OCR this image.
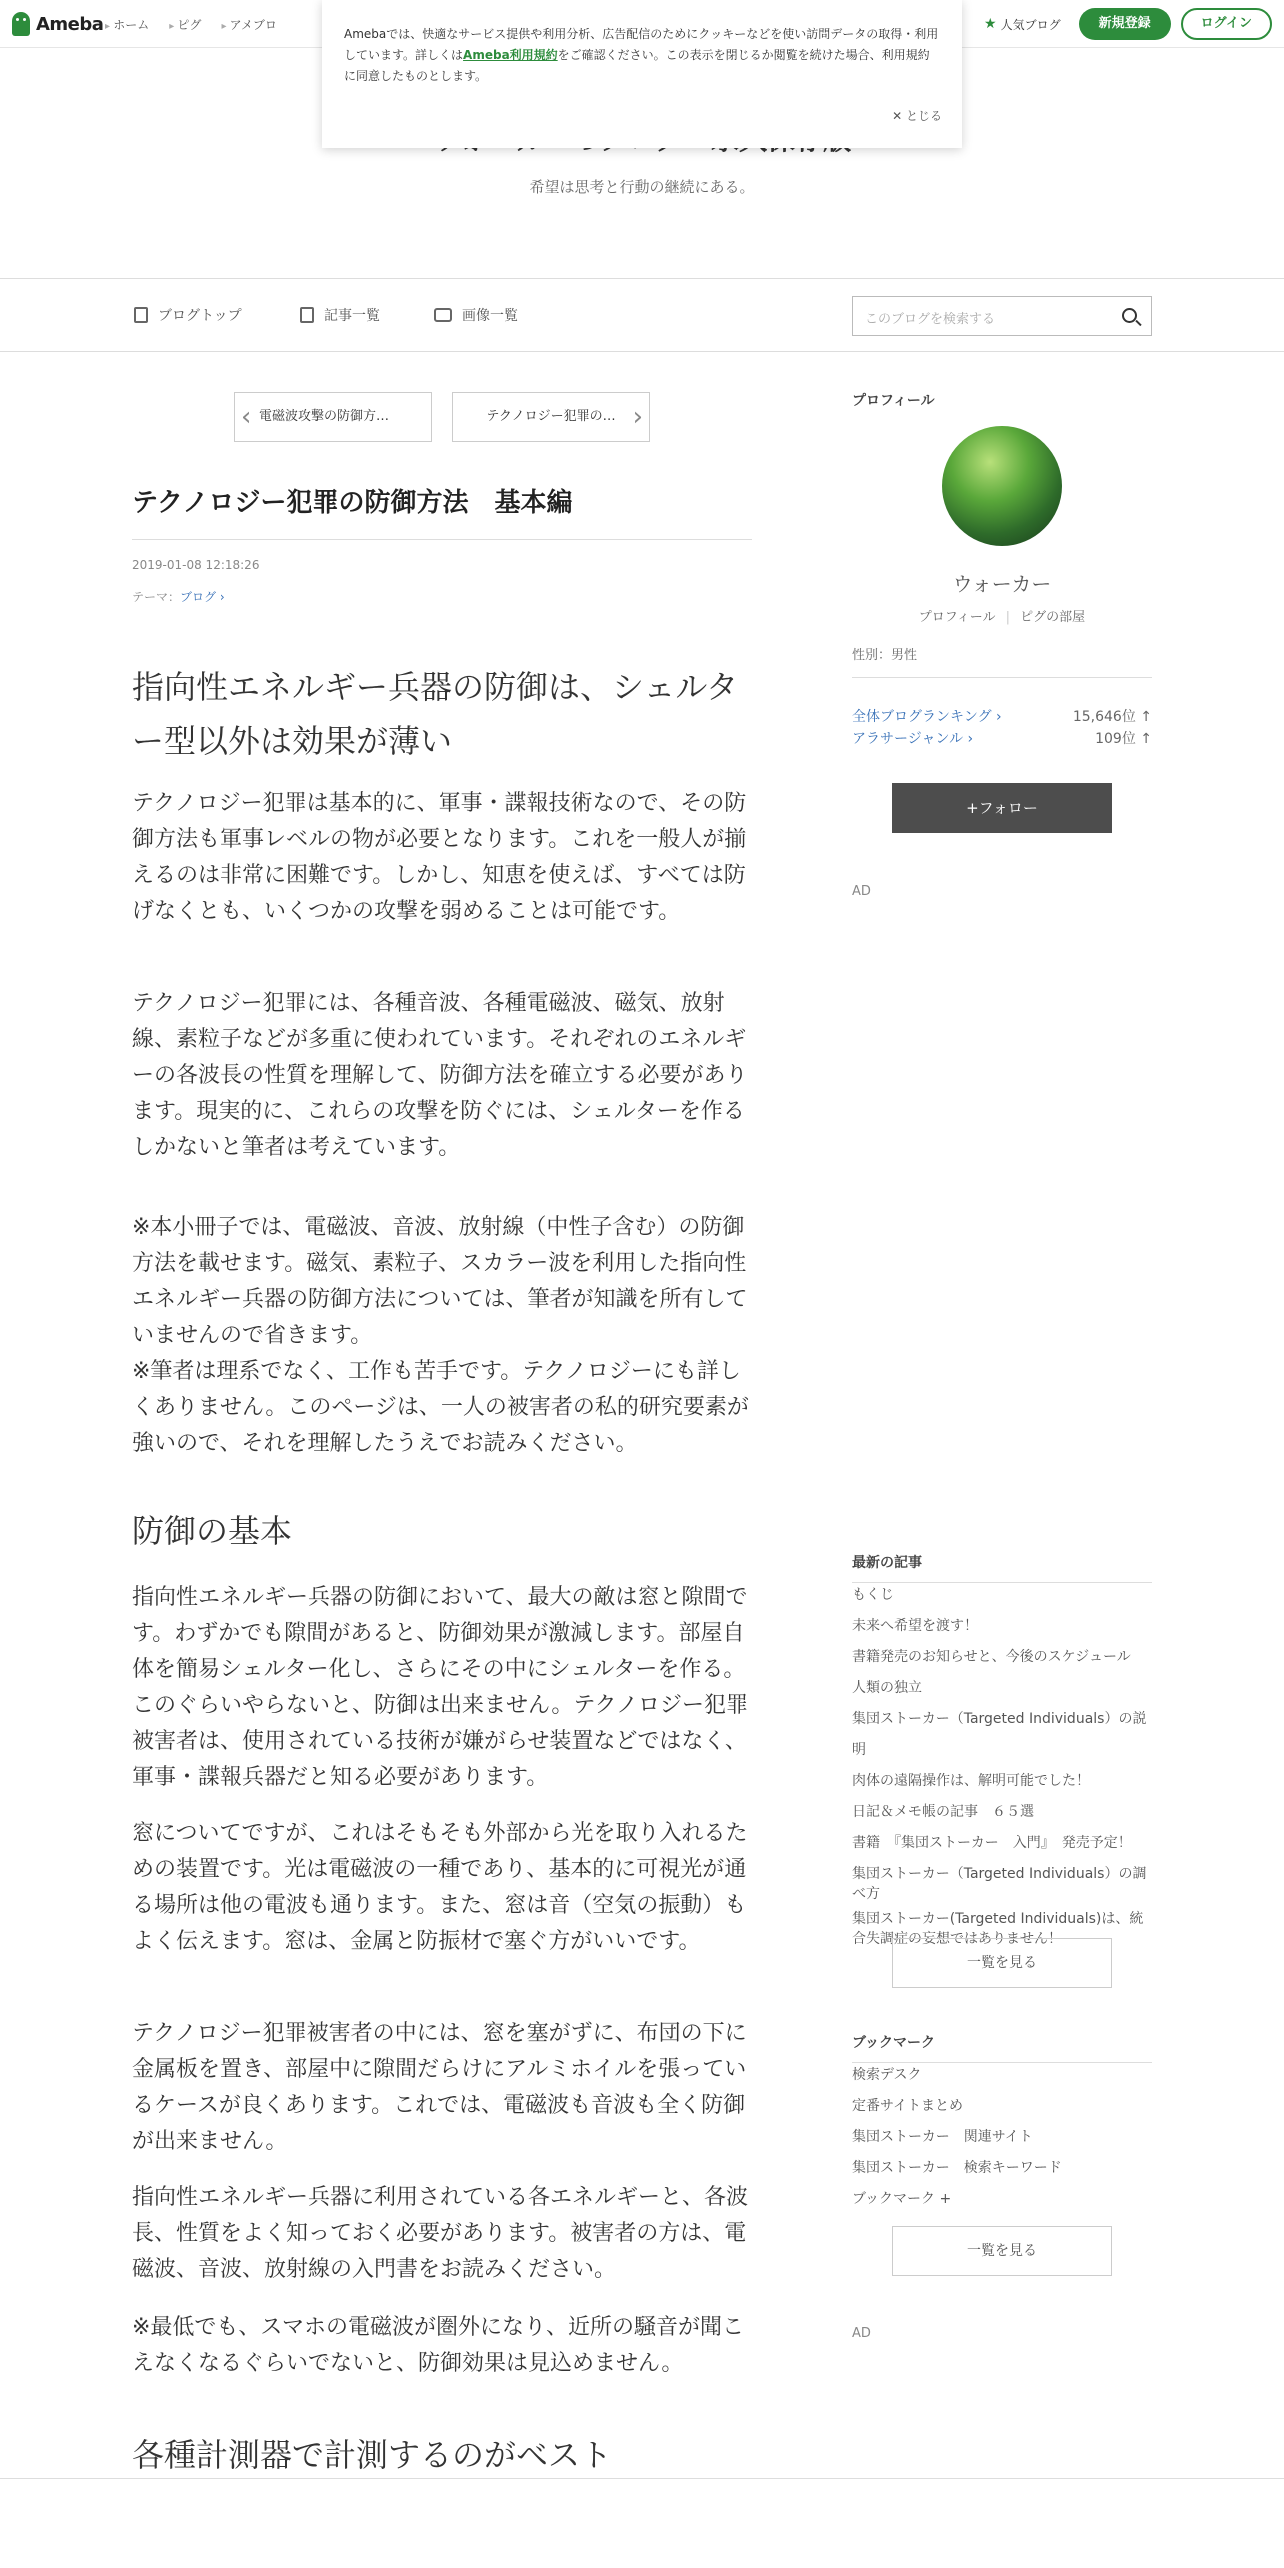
Ameba ▸ ホーム	▸ ピグ	▸ アメブロ	★ 人気ブログ	新規登録	ログイン

Amebaでは、快適なサービス提供や利用分析、広告配信のためにクッキーなどを使い訪問データの取得・利用しています。詳しくはAmeba利用規約をご確認ください。この表示を閉じるか閲覧を続けた場合、利用規約に同意したものとします。

✕ とじる
希望は思考と行動の継続にある。
ブログトップ	記事一覧	画像一覧	このブログを検索する
‹ 電磁波攻撃の防御方…	テクノロジー犯罪の… ›
テクノロジー犯罪の防御方法　基本編
2019-01-08 12:18:26
テーマ：ブログ ›
指向性エネルギー兵器の防御は、シェルター型以外は効果が薄い
テクノロジー犯罪は基本的に、軍事・諜報技術なので、その防御方法も軍事レベルの物が必要となります。これを一般人が揃えるのは非常に困難です。しかし、知恵を使えば、すべては防げなくとも、いくつかの攻撃を弱めることは可能です。
テクノロジー犯罪には、各種音波、各種電磁波、磁気、放射線、素粒子などが多重に使われています。それぞれのエネルギーの各波長の性質を理解して、防御方法を確立する必要があります。現実的に、これらの攻撃を防ぐには、シェルターを作るしかないと筆者は考えています。
※本小冊子では、電磁波、音波、放射線（中性子含む）の防御方法を載せます。磁気、素粒子、スカラー波を利用した指向性エネルギー兵器の防御方法については、筆者が知識を所有していませんので省きます。
※筆者は理系でなく、工作も苦手です。テクノロジーにも詳しくありません。このページは、一人の被害者の私的研究要素が強いので、それを理解したうえでお読みください。
防御の基本
指向性エネルギー兵器の防御において、最大の敵は窓と隙間です。わずかでも隙間があると、防御効果が激減します。部屋自体を簡易シェルター化し、さらにその中にシェルターを作る。このぐらいやらないと、防御は出来ません。テクノロジー犯罪被害者は、使用されている技術が嫌がらせ装置などではなく、軍事・諜報兵器だと知る必要があります。
窓についてですが、これはそもそも外部から光を取り入れるための装置です。光は電磁波の一種であり、基本的に可視光が通る場所は他の電波も通ります。また、窓は音（空気の振動）もよく伝えます。窓は、金属と防振材で塞ぐ方がいいです。
テクノロジー犯罪被害者の中には、窓を塞がずに、布団の下に金属板を置き、部屋中に隙間だらけにアルミホイルを張っているケースが良くあります。これでは、電磁波も音波も全く防御が出来ません。
指向性エネルギー兵器に利用されている各エネルギーと、各波長、性質をよく知っておく必要があります。被害者の方は、電磁波、音波、放射線の入門書をお読みください。
※最低でも、スマホの電磁波が圏外になり、近所の騒音が聞こえなくなるぐらいでないと、防御効果は見込めません。
各種計測器で計測するのがベスト
プロフィール
ウォーカー
プロフィール | ピグの部屋
性別：男性
全体ブログランキング ›	15,646位 ↑
アラサージャンル ›	109位 ↑
+フォロー
AD
最新の記事
もくじ
未来へ希望を渡す！
書籍発売のお知らせと、今後のスケジュール
人類の独立
集団ストーカー（Targeted Individuals）の説明
肉体の遠隔操作は、解明可能でした！
日記＆メモ帳の記事　６５選
書籍　『集団ストーカー　入門』　発売予定！
集団ストーカー（Targeted Individuals）の調べ方
集団ストーカー(Targeted Individuals)は、統合失調症の妄想ではありません！
一覧を見る
ブックマーク
検索デスク
定番サイトまとめ
集団ストーカー　関連サイト
集団ストーカー　検索キーワード
ブックマーク +
一覧を見る
AD
